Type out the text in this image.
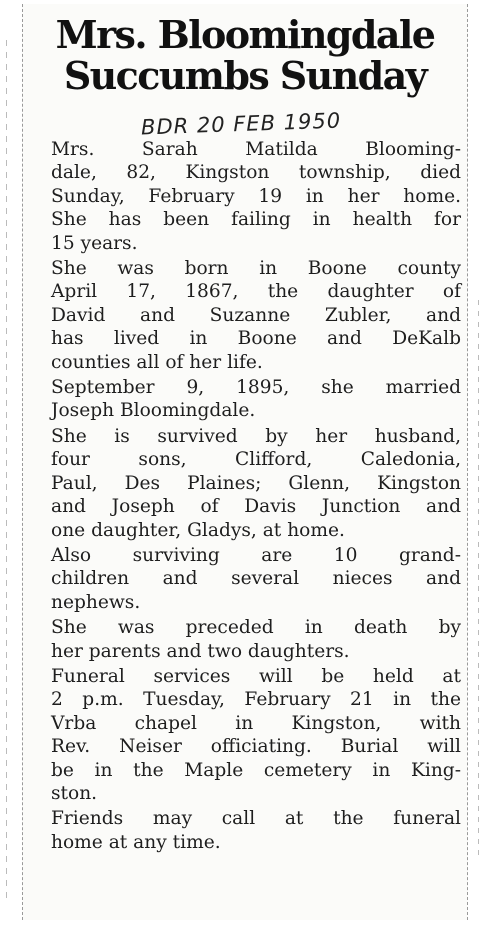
Mrs. Bloomingdale
Succumbs Sunday
BDR 20 FEB 1950

Mrs. Sarah Matilda Blooming-
dale, 82, Kingston township, died
Sunday, February 19 in her home.
She has been failing in health for
15 years.

She was born in Boone county
April 17, 1867, the daughter of
David and Suzanne Zubler, and
has lived in Boone and DeKalb
counties all of her life.

September 9, 1895, she married
Joseph Bloomingdale.

She is survived by her husband,
four sons, Clifford, Caledonia,
Paul, Des Plaines; Glenn, Kingston
and Joseph of Davis Junction and
one daughter, Gladys, at home.

Also surviving are 10 grand-
children and several nieces and
nephews.

She was preceded in death by
her parents and two daughters.

Funeral services will be held at
2 p.m. Tuesday, February 21 in the
Vrba chapel in Kingston, with
Rev. Neiser officiating. Burial will
be in the Maple cemetery in King-
ston.

Friends may call at the funeral
home at any time.
